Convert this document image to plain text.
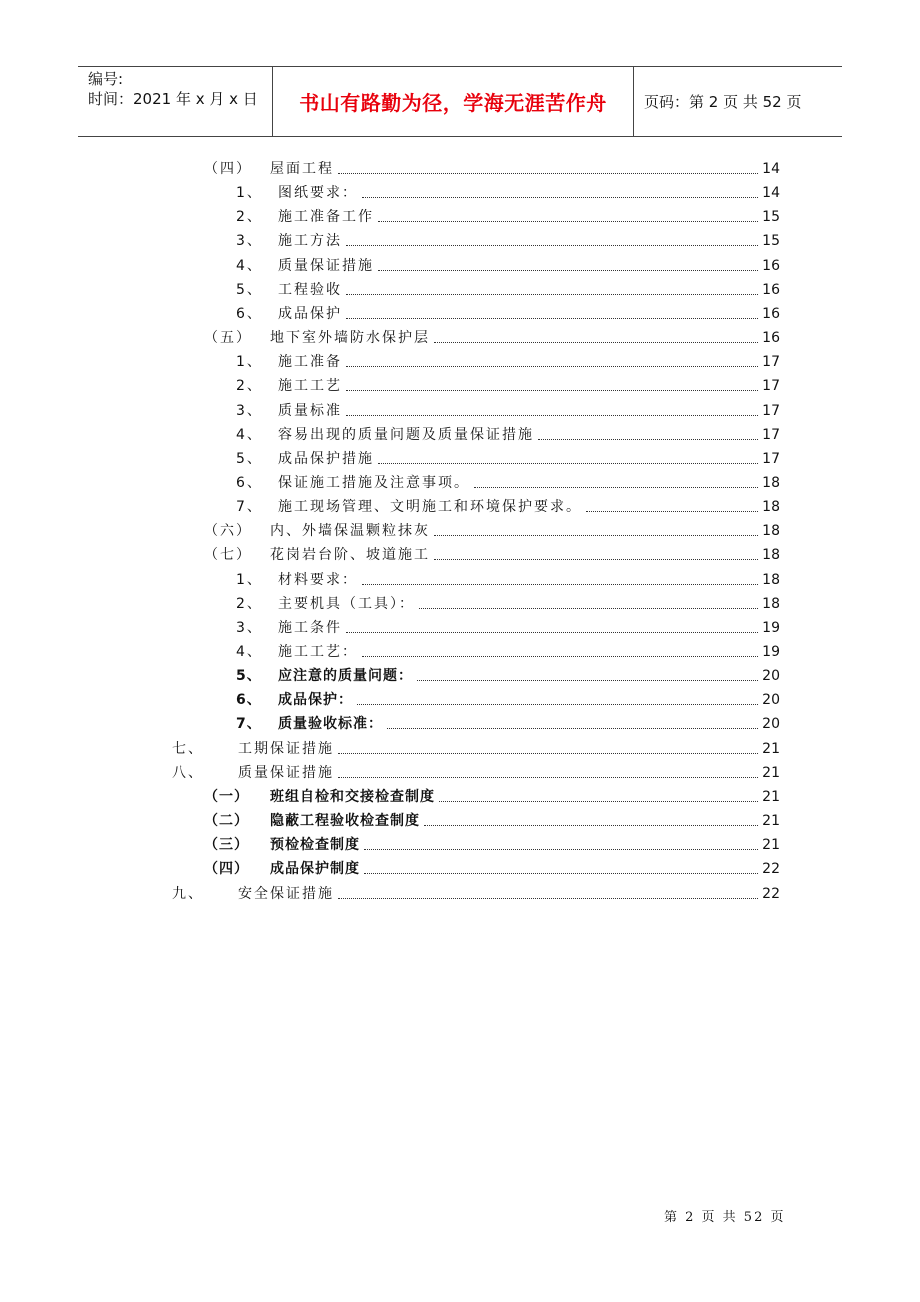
编号:
时间：2021 年 x 月 x 日	书山有路勤为径，学海无涯苦作舟 页码：第 2 页 共 52 页
（四） 屋面工程	14
1、 图纸要求：	14
2、 施工准备工作	15
3、 施工方法	15
4、 质量保证措施	16
5、 工程验收	16
6、 成品保护	16
（五） 地下室外墙防水保护层	16
1、 施工准备	17
2、 施工工艺	17
3、 质量标准	17
4、 容易出现的质量问题及质量保证措施	17
5、 成品保护措施	17
6、 保证施工措施及注意事项。	18
7、 施工现场管理、文明施工和环境保护要求。	18
（六） 内、外墙保温颗粒抹灰	18
（七） 花岗岩台阶、坡道施工	18
1、 材料要求：	18
2、 主要机具（工具）：	18
3、 施工条件	19
4、 施工工艺：	19
5、 应注意的质量问题：	20
6、 成品保护：	20
7、 质量验收标准：	20
七、 工期保证措施	21
八、 质量保证措施	21
（一） 班组自检和交接检查制度	21
（二） 隐蔽工程验收检查制度	21
（三） 预检检查制度	21
（四） 成品保护制度	22
九、 安全保证措施	22
第 2 页 共 52 页
